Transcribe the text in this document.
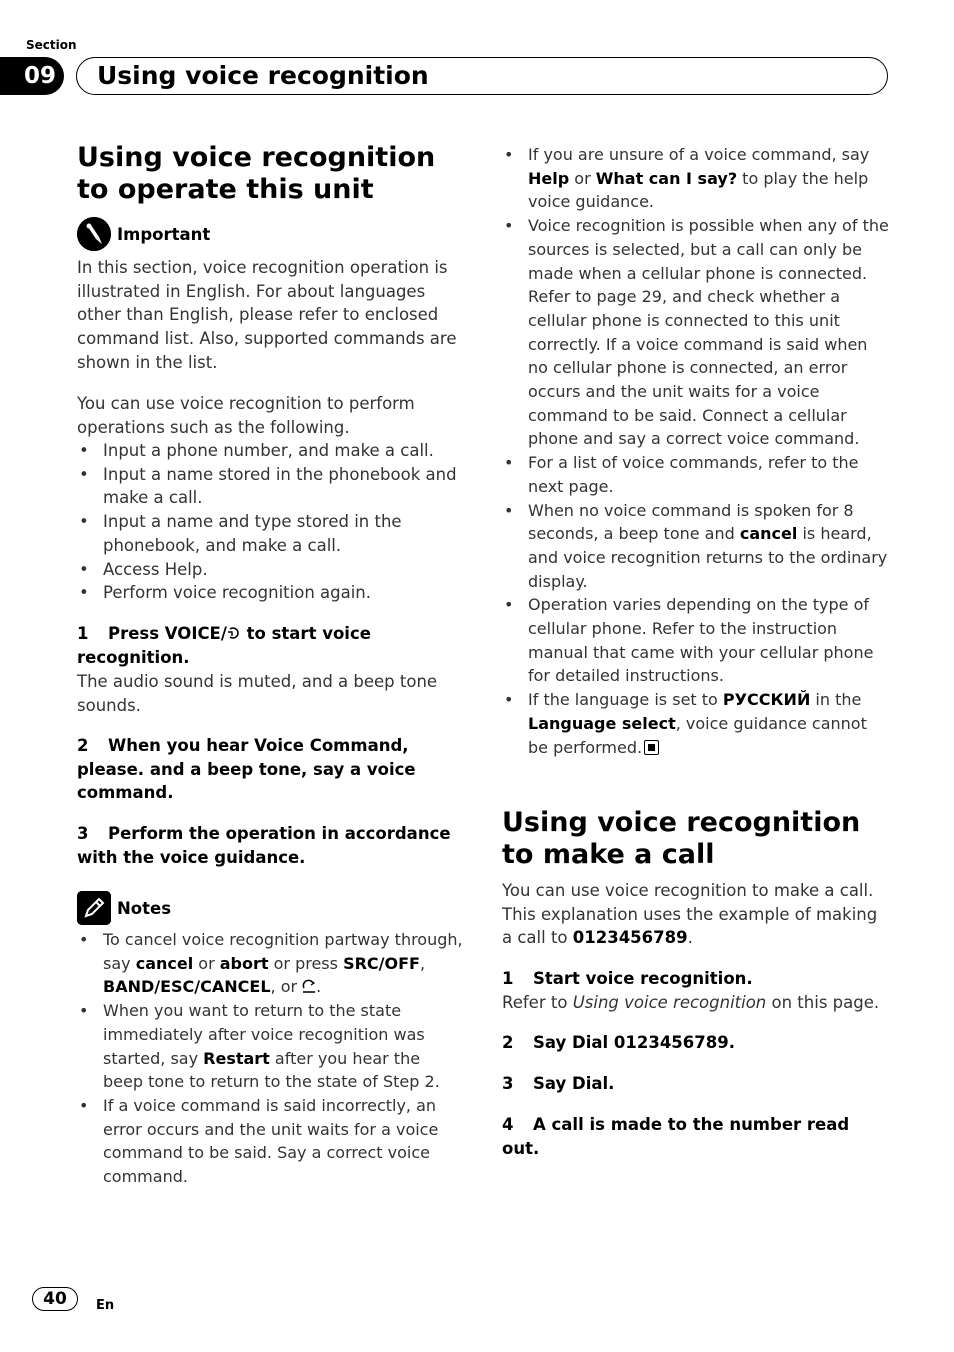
Section
09	Using voice recognition
Using voice recognition to operate this unit
Important

In this section, voice recognition operation is illustrated in English. For about languages other than English, please refer to enclosed command list. Also, supported commands are shown in the list.

You can use voice recognition to perform operations such as the following.

• Input a phone number, and make a call.
• Input a name stored in the phonebook and make a call.
• Input a name and type stored in the phonebook, and make a call.
• Access Help.
• Perform voice recognition again.
1 Press VOICE/ to start voice recognition.

The audio sound is muted, and a beep tone sounds.

2 When you hear Voice Command, please. and a beep tone, say a voice command.
3 Perform the operation in accordance with the voice guidance.
Notes
• To cancel voice recognition partway through, say cancel or abort or press SRC/OFF, BAND/ESC/CANCEL, or .
• When you want to return to the state immediately after voice recognition was started, say Restart after you hear the beep tone to return to the state of Step 2.
• If a voice command is said incorrectly, an error occurs and the unit waits for a voice command to be said. Say a correct voice command.
• If you are unsure of a voice command, say Help or What can I say? to play the help voice guidance.
• Voice recognition is possible when any of the sources is selected, but a call can only be made when a cellular phone is connected. Refer to page 29, and check whether a cellular phone is connected to this unit correctly. If a voice command is said when no cellular phone is connected, an error occurs and the unit waits for a voice command to be said. Connect a cellular phone and say a correct voice command.
• For a list of voice commands, refer to the next page.
• When no voice command is spoken for 8 seconds, a beep tone and cancel is heard, and voice recognition returns to the ordinary display.
• Operation varies depending on the type of cellular phone. Refer to the instruction manual that came with your cellular phone for detailed instructions.
• If the language is set to РУССКИЙ in the Language select, voice guidance cannot be performed.
Using voice recognition to make a call

You can use voice recognition to make a call. This explanation uses the example of making a call to 0123456789.

1 Start voice recognition.

Refer to Using voice recognition on this page.

2 Say Dial 0123456789.
3 Say Dial.
4 A call is made to the number read out.
40	En
